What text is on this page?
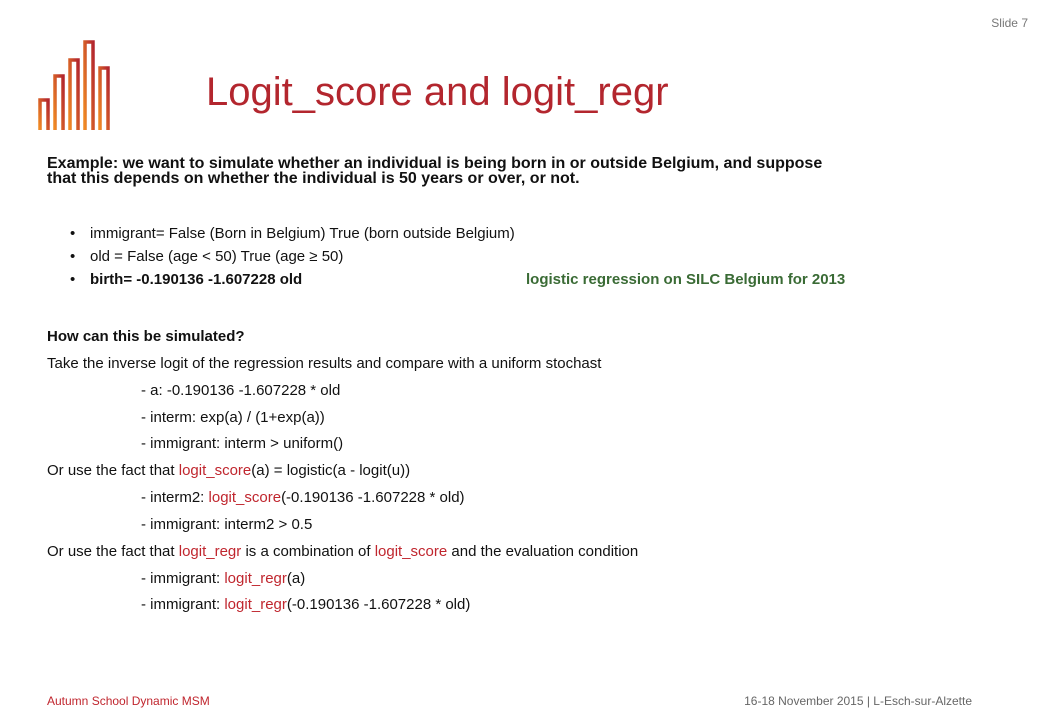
Slide 7
Logit_score and logit_regr
Example: we want to simulate whether an individual is being born in or outside Belgium, and suppose
that this depends on whether the individual is 50 years or over, or not.
• immigrant= False (Born in Belgium) True (born outside Belgium)
• old = False (age < 50) True (age ≥ 50)
• birth= -0.190136 -1.607228 old	logistic regression on SILC Belgium for 2013
How can this be simulated?
Take the inverse logit of the regression results and compare with a uniform stochast
- a: -0.190136 -1.607228 * old
- interm: exp(a) / (1+exp(a))
- immigrant: interm > uniform()
Or use the fact that logit_score(a) = logistic(a - logit(u))
- interm2: logit_score(-0.190136 -1.607228 * old)
- immigrant: interm2 > 0.5
Or use the fact that logit_regr is a combination of logit_score and the evaluation condition
- immigrant: logit_regr(a)
- immigrant: logit_regr(-0.190136 -1.607228 * old)
Autumn School Dynamic MSM	16-18 November 2015 | L-Esch-sur-Alzette
